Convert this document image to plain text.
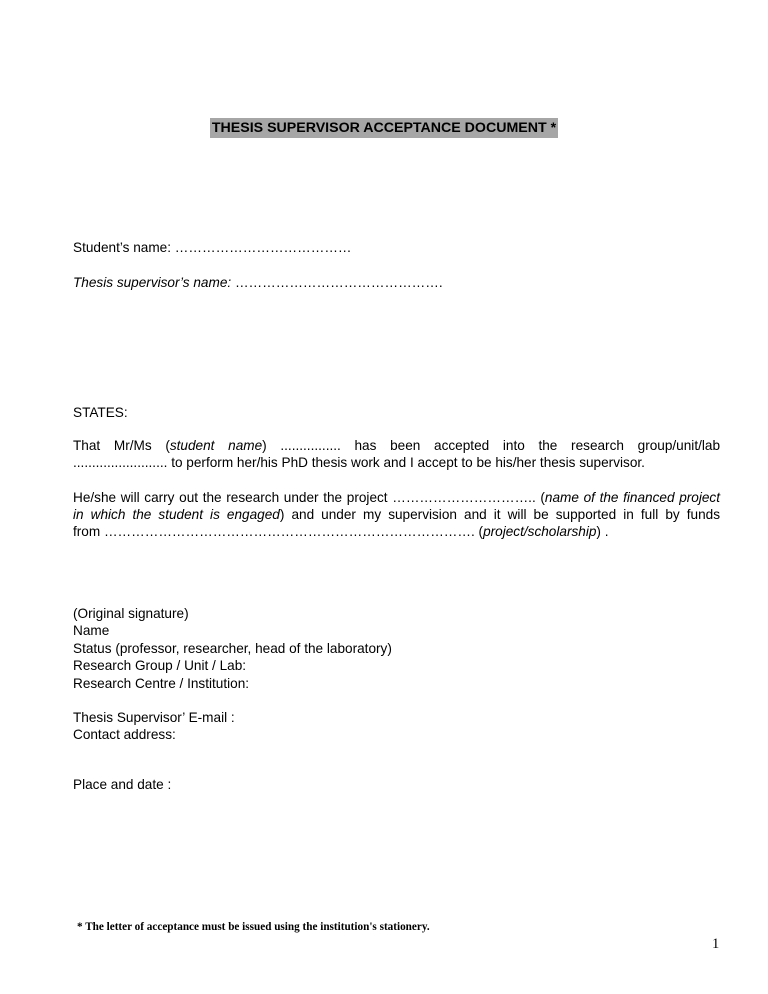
THESIS SUPERVISOR ACCEPTANCE DOCUMENT *
Student’s name: …………………………………
Thesis supervisor’s name: ……………………………………….
STATES:
That Mr/Ms (student name) ................ has been accepted into the research group/unit/lab
......................... to perform her/his PhD thesis work and I accept to be his/her thesis supervisor.
He/she will carry out the research under the project ………………………….. (name of the financed project
in which the student is engaged) and under my supervision and it will be supported in full by funds
from ………………………………………………………………………. (project/scholarship) .
(Original signature)
Name
Status (professor, researcher, head of the laboratory)
Research Group / Unit / Lab:
Research Centre / Institution:
Thesis Supervisor’ E-mail :
Contact address:
Place and date :
* The letter of acceptance must be issued using the institution's stationery.
1
